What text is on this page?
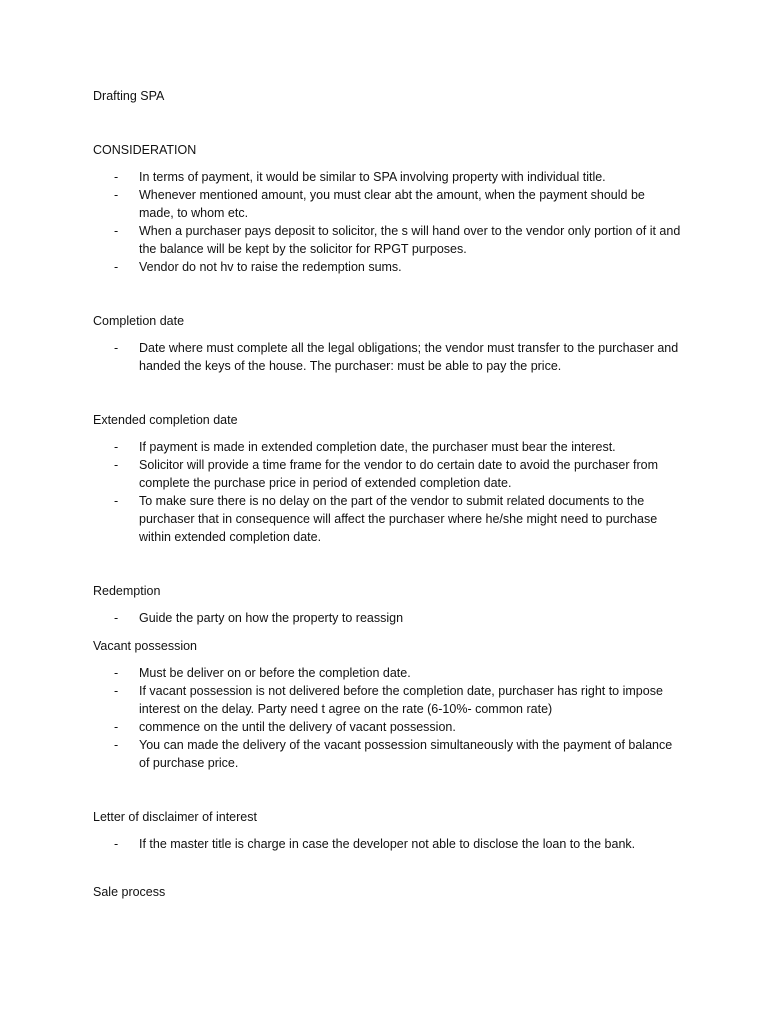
Drafting SPA
CONSIDERATION
- In terms of payment, it would be similar to SPA involving property with individual title.
- Whenever mentioned amount, you must clear abt the amount, when the payment should be made, to whom etc.
- When a purchaser pays deposit to solicitor, the s will hand over to the vendor only portion of it and the balance will be kept by the solicitor for RPGT purposes.
- Vendor do not hv to raise the redemption sums.
Completion date
- Date where must complete all the legal obligations; the vendor must transfer to the purchaser and handed the keys of the house. The purchaser: must be able to pay the price.
Extended completion date
- If payment is made in extended completion date, the purchaser must bear the interest.
- Solicitor will provide a time frame for the vendor to do certain date to avoid the purchaser from complete the purchase price in period of extended completion date.
- To make sure there is no delay on the part of the vendor to submit related documents to the purchaser that in consequence will affect the purchaser where he/she might need to purchase within extended completion date.
Redemption
- Guide the party on how the property to reassign
Vacant possession
- Must be deliver on or before the completion date.
- If vacant possession is not delivered before the completion date, purchaser has right to impose interest on the delay. Party need t agree on the rate (6-10%- common rate)
- commence on the until the delivery of vacant possession.
- You can made the delivery of the vacant possession simultaneously with the payment of balance of purchase price.
Letter of disclaimer of interest
- If the master title is charge in case the developer not able to disclose the loan to the bank.
Sale process
